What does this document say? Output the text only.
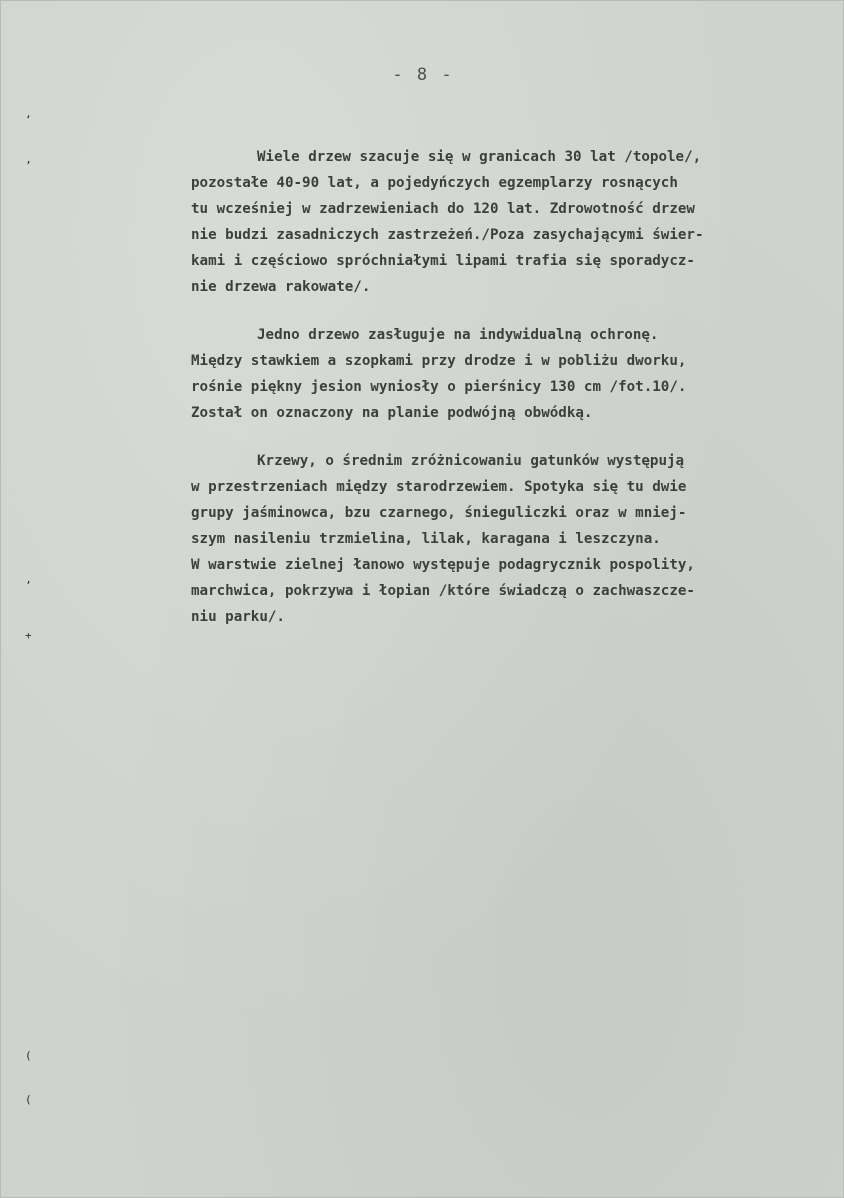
- 8 -
‘
’
’
+
(
(
Wiele drzew szacuje się w granicach 30 lat /topole/,
pozostałe 40-90 lat, a pojedyńczych egzemplarzy rosnących
tu wcześniej w zadrzewieniach do 120 lat. Zdrowotność drzew
nie budzi zasadniczych zastrzeżeń./Poza zasychającymi świer-
kami i częściowo spróchniałymi lipami trafia się sporadycz-
nie drzewa rakowate/.
Jedno drzewo zasługuje na indywidualną ochronę.
Między stawkiem a szopkami przy drodze i w pobliżu dworku,
rośnie piękny jesion wyniosły o pierśnicy 130 cm /fot.10/.
Został on oznaczony na planie podwójną obwódką.
Krzewy, o średnim zróżnicowaniu gatunków występują
w przestrzeniach między starodrzewiem. Spotyka się tu dwie
grupy jaśminowca, bzu czarnego, śnieguliczki oraz w mniej-
szym nasileniu trzmielina, lilak, karagana i leszczyna.
W warstwie zielnej łanowo występuje podagrycznik pospolity,
marchwica, pokrzywa i łopian /które świadczą o zachwaszcze-
niu parku/.
